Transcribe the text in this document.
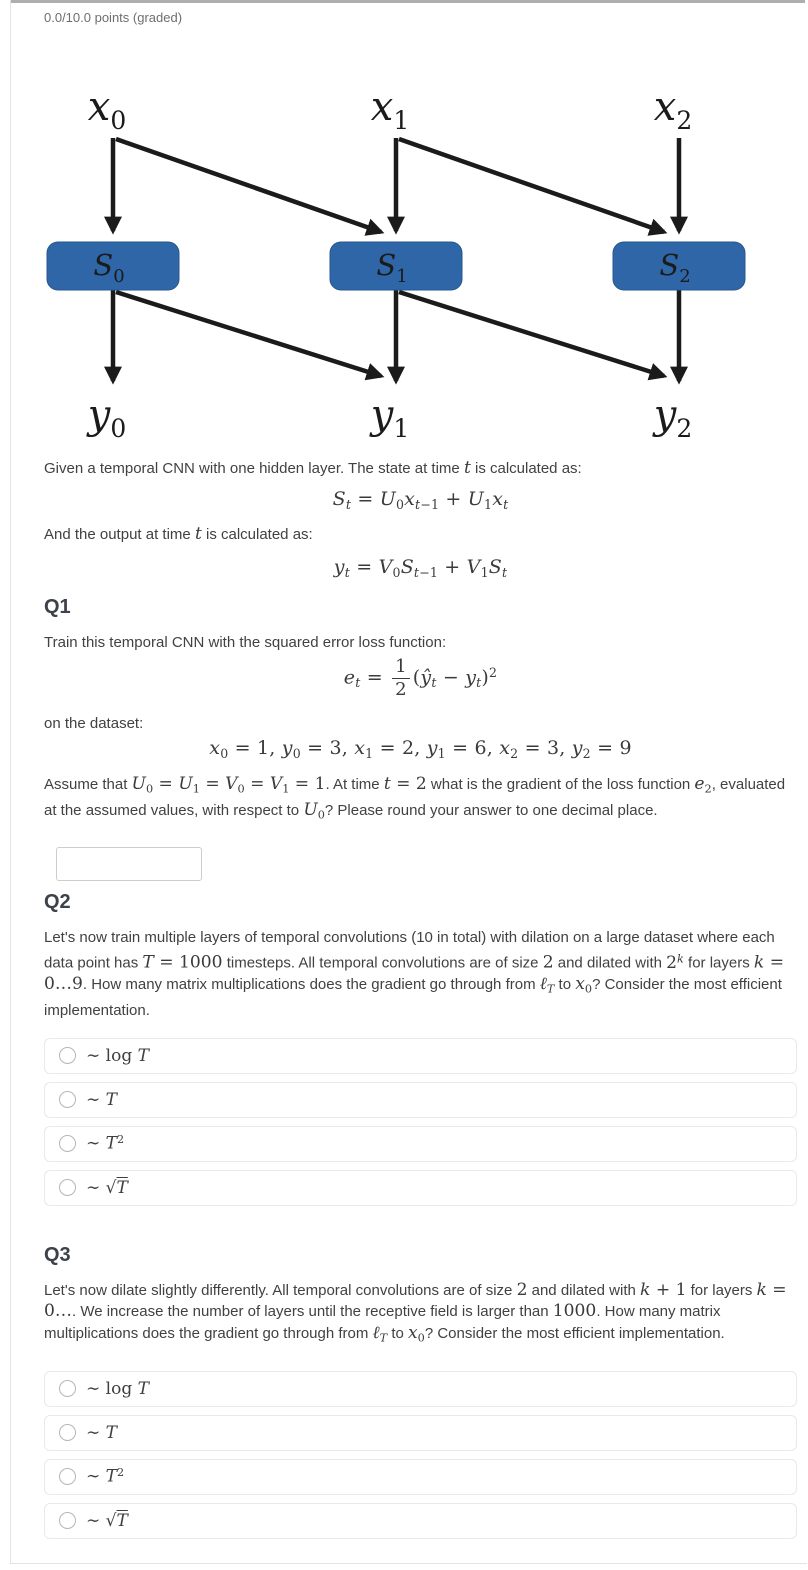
0.0/10.0 points (graded)
$x_0$	$x_1$	$x_2$
$y_0$	$y_1$	$y_2$
$S_0$	$S_1$	$S_2$

Given a temporal CNN with one hidden layer. The state at time t is calculated as:

$S_t = U_0x_{t-1} + U_1x_t$

And the output at time t is calculated as:

$y_t = V_0S_{t-1} + V_1S_t$
Q1

Train this temporal CNN with the squared error loss function:

$e_t = \frac{1}{2}$ $(ŷ_t - y_t)^2$

on the dataset:

$x_0 = 1$, $y_0 = 3$, $x_1 = 2$, $y_1 = 6$, $x_2 = 3$, $y_2 = 9$

Assume that $U_0 = U_1 = V_0 = V_1 = 1$. At time t = 2 what is the gradient of the loss function $e_2$, evaluated at the assumed values, with respect to $U_0$? Please round your answer to one decimal place.

Q2

Let's now train multiple layers of temporal convolutions (10 in total) with dilation on a large dataset where each data point has T = 1000 timesteps. All temporal convolutions are of size 2 and dilated with 2$^k$ for layers k = 0…9. How many matrix multiplications does the gradient go through from ℓ$_T$ to $x_0$? Consider the most efficient implementation.

∼ log T
∼ T
∼ $T^2$
∼ √T
Q3

Let's now dilate slightly differently. All temporal convolutions are of size 2 and dilated with k + 1 for layers k = 0…. We increase the number of layers until the receptive field is larger than 1000. How many matrix multiplications does the gradient go through from ℓ$_T$ to $x_0$? Consider the most efficient implementation.

∼ log T
∼ T
∼ $T^2$
∼ √T
